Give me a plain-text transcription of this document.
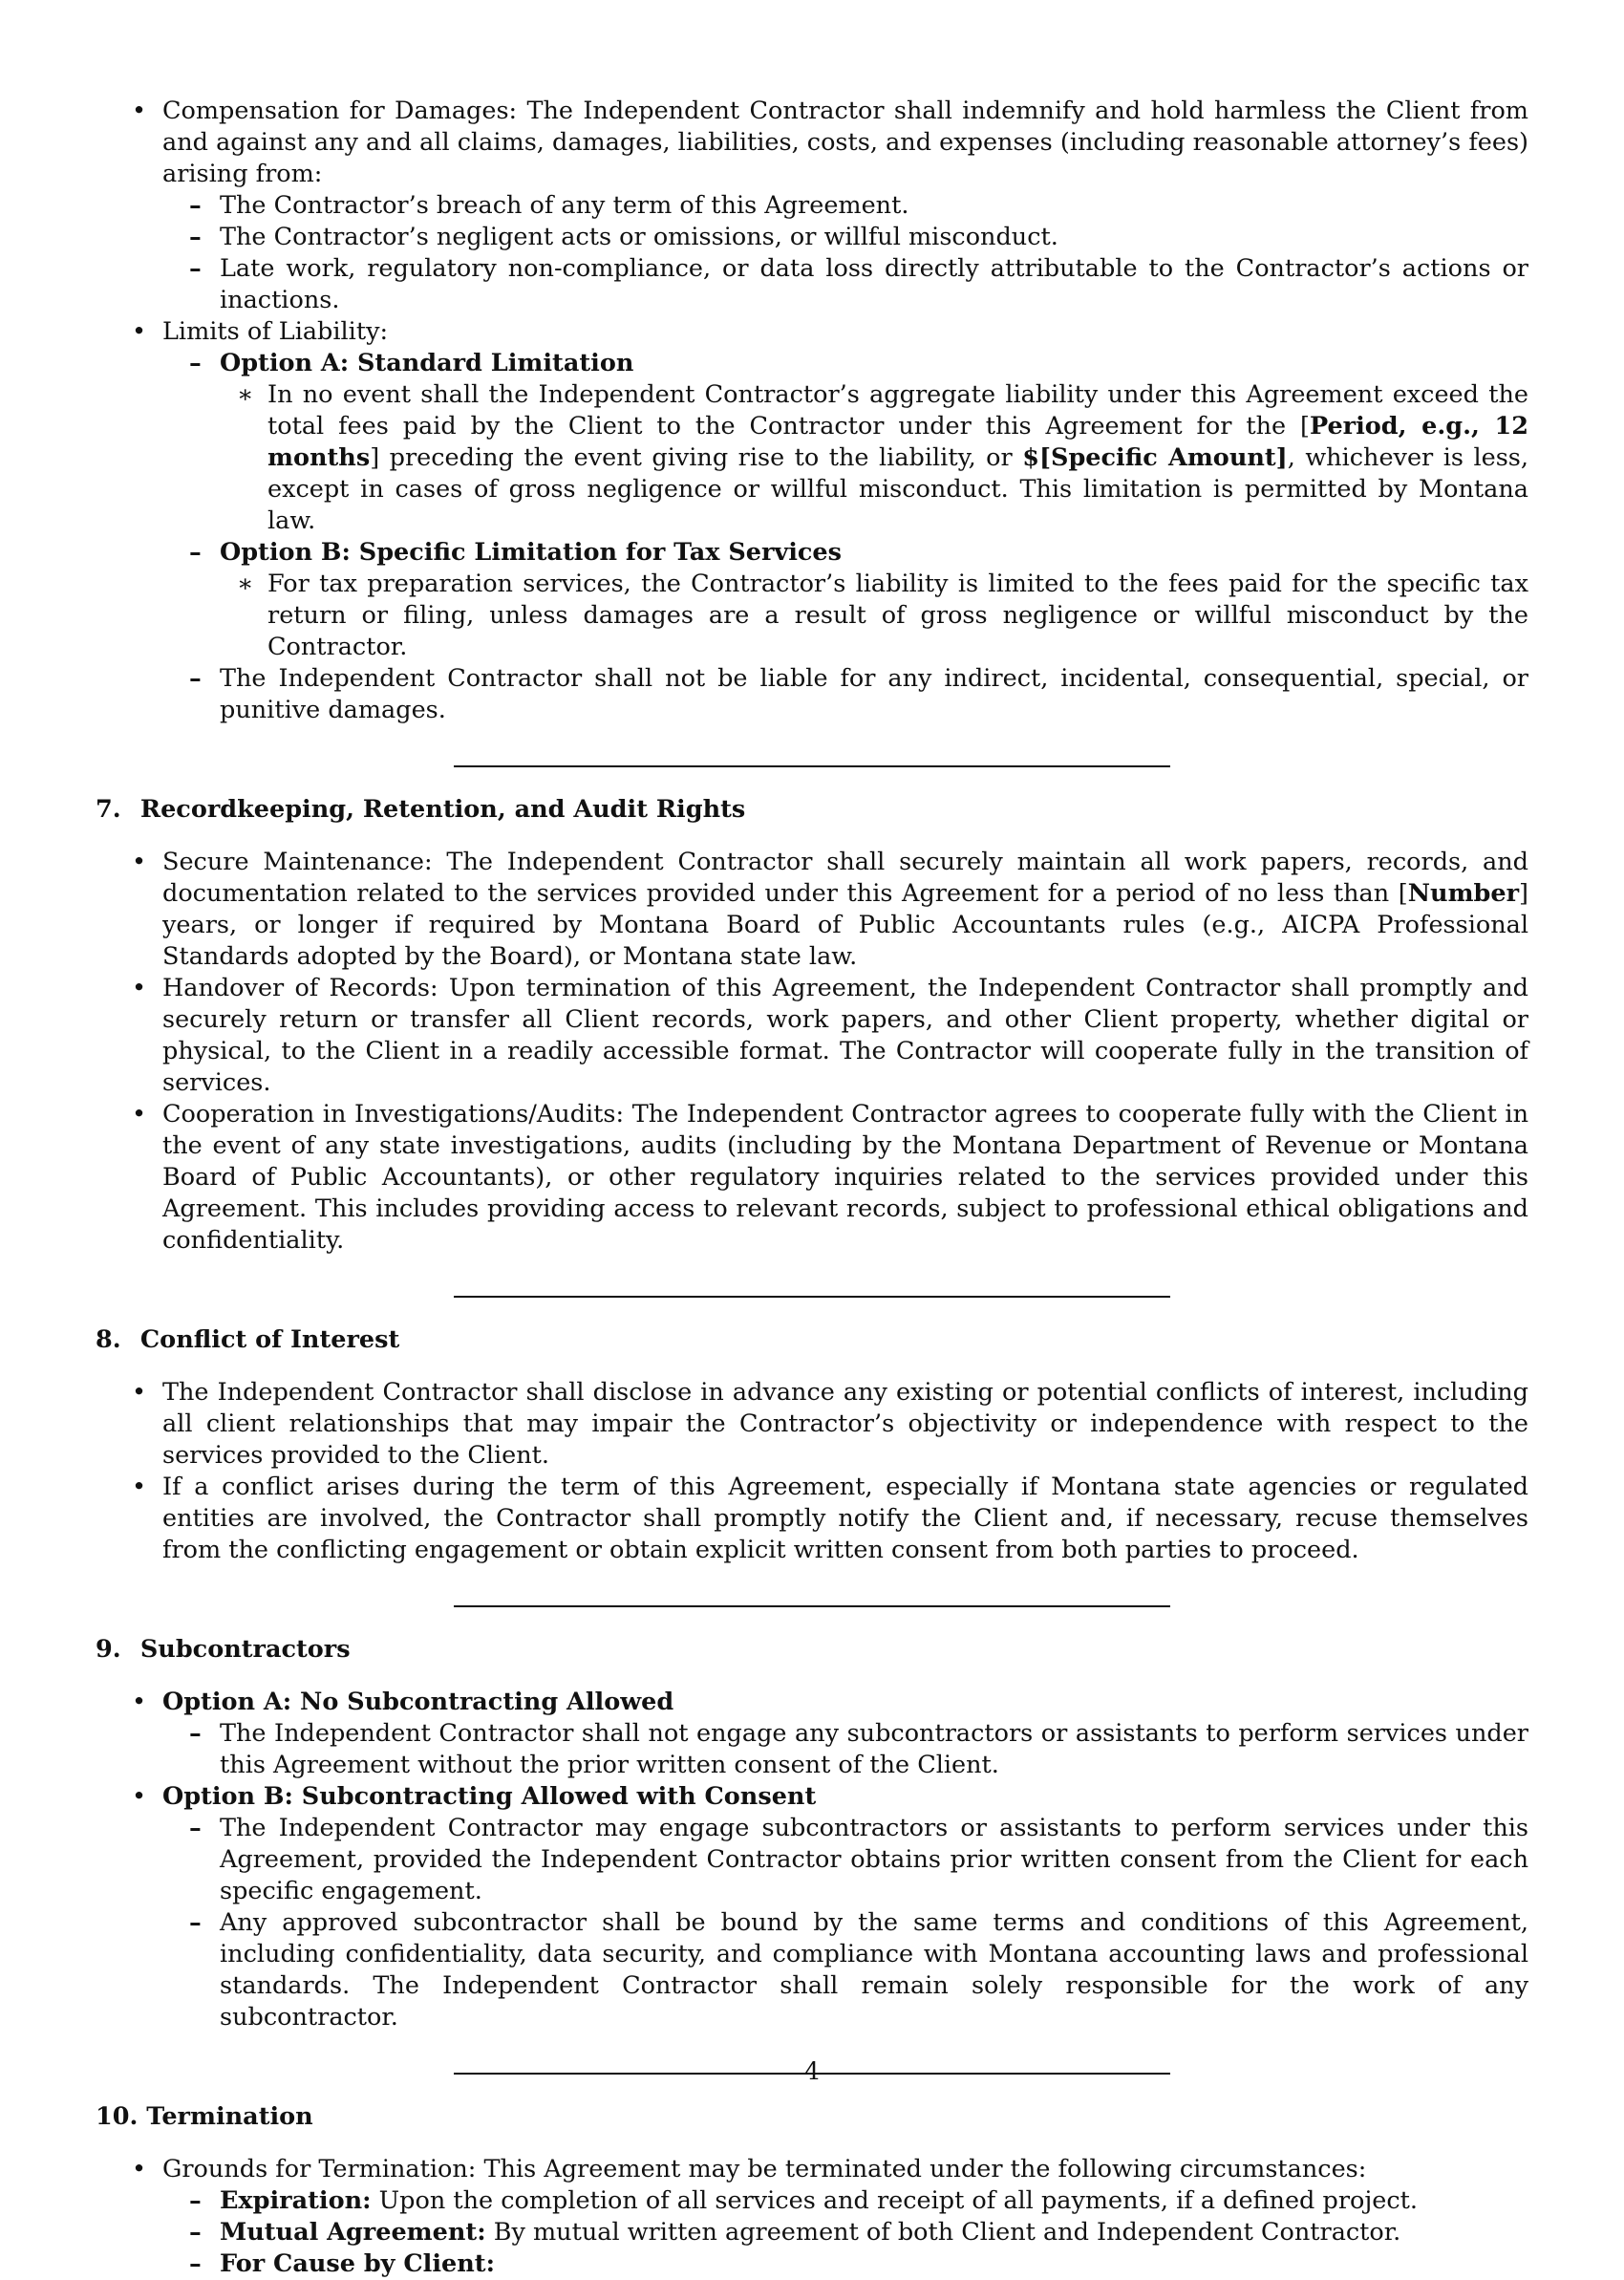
• Compensation for Damages: The Independent Contractor shall indemnify and hold harmless the Client from and against any and all claims, damages, liabilities, costs, and expenses (including reasonable attorney’s fees) arising from:
– The Contractor’s breach of any term of this Agreement.
– The Contractor’s negligent acts or omissions, or willful misconduct.
– Late work, regulatory non-compliance, or data loss directly attributable to the Contractor’s actions or inactions.
• Limits of Liability:
– Option A: Standard Limitation
∗ In no event shall the Independent Contractor’s aggregate liability under this Agreement exceed the total fees paid by the Client to the Contractor under this Agreement for the [Period, e.g., 12 months] preceding the event giving rise to the liability, or $[Specific Amount], whichever is less, except in cases of gross negligence or willful misconduct. This limitation is permitted by Montana law.
– Option B: Specific Limitation for Tax Services
∗ For tax preparation services, the Contractor’s liability is limited to the fees paid for the specific tax return or filing, unless damages are a result of gross negligence or willful misconduct by the Contractor.
– The Independent Contractor shall not be liable for any indirect, incidental, consequential, special, or punitive damages.
7. Recordkeeping, Retention, and Audit Rights
• Secure Maintenance: The Independent Contractor shall securely maintain all work papers, records, and documentation related to the services provided under this Agreement for a period of no less than [Number] years, or longer if required by Montana Board of Public Accountants rules (e.g., AICPA Professional Standards adopted by the Board), or Montana state law.
• Handover of Records: Upon termination of this Agreement, the Independent Contractor shall promptly and securely return or transfer all Client records, work papers, and other Client property, whether digital or physical, to the Client in a readily accessible format. The Contractor will cooperate fully in the transition of services.
• Cooperation in Investigations/Audits: The Independent Contractor agrees to cooperate fully with the Client in the event of any state investigations, audits (including by the Montana Department of Revenue or Montana Board of Public Accountants), or other regulatory inquiries related to the services provided under this Agreement. This includes providing access to relevant records, subject to professional ethical obligations and confidentiality.
8. Conflict of Interest
• The Independent Contractor shall disclose in advance any existing or potential conflicts of interest, including all client relationships that may impair the Contractor’s objectivity or independence with respect to the services provided to the Client.
• If a conflict arises during the term of this Agreement, especially if Montana state agencies or regulated entities are involved, the Contractor shall promptly notify the Client and, if necessary, recuse themselves from the conflicting engagement or obtain explicit written consent from both parties to proceed.
9. Subcontractors
• Option A: No Subcontracting Allowed
– The Independent Contractor shall not engage any subcontractors or assistants to perform services under this Agreement without the prior written consent of the Client.
• Option B: Subcontracting Allowed with Consent
– The Independent Contractor may engage subcontractors or assistants to perform services under this Agreement, provided the Independent Contractor obtains prior written consent from the Client for each specific engagement.
– Any approved subcontractor shall be bound by the same terms and conditions of this Agreement, including confidentiality, data security, and compliance with Montana accounting laws and professional standards. The Independent Contractor shall remain solely responsible for the work of any subcontractor.
10. Termination
• Grounds for Termination: This Agreement may be terminated under the following circumstances:
– Expiration: Upon the completion of all services and receipt of all payments, if a defined project.
– Mutual Agreement: By mutual written agreement of both Client and Independent Contractor.
– For Cause by Client:
4
